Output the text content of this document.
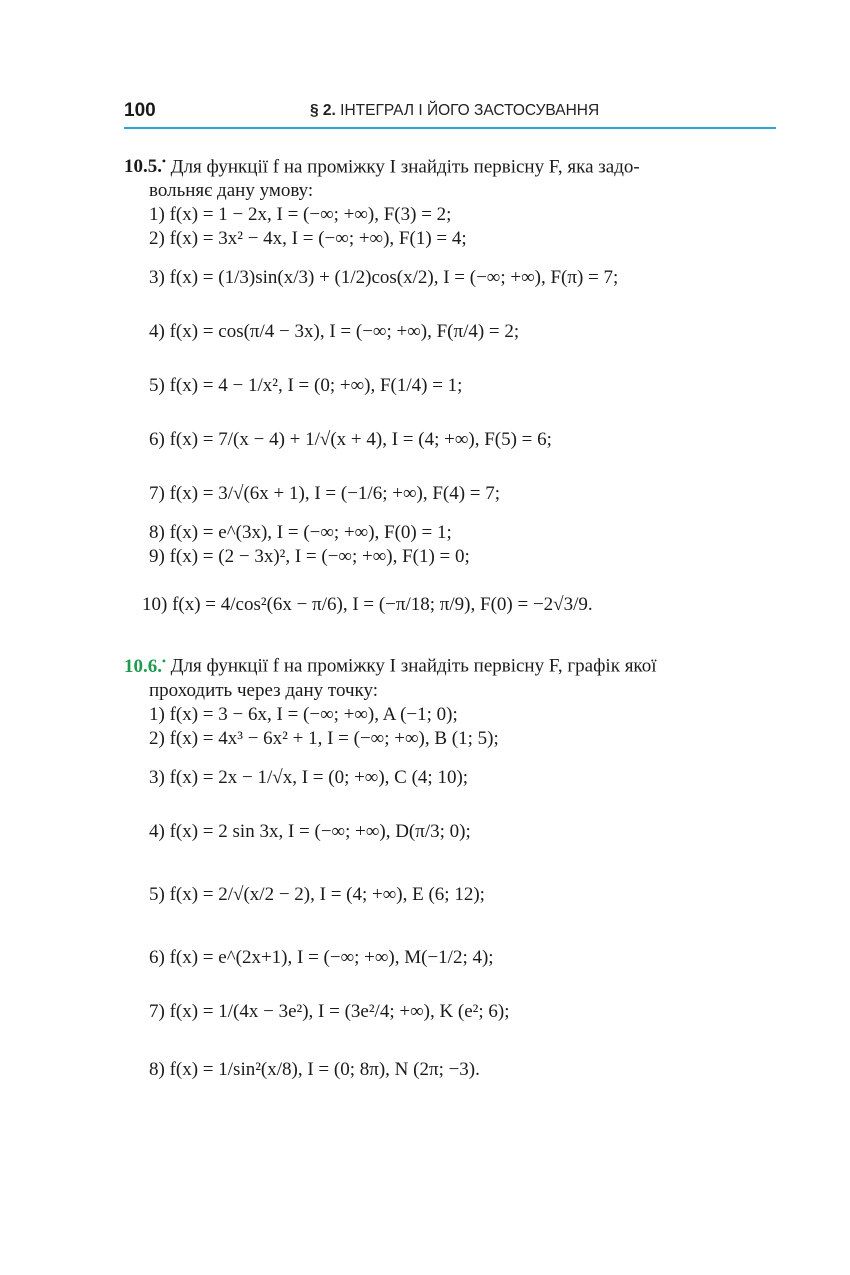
100	§ 2. ІНТЕГРАЛ І ЙОГО ЗАСТОСУВАННЯ
10.5.• Для функції f на проміжку I знайдіть первісну F, яка задо-
вольняє дану умову:
1) f(x) = 1 − 2x, I = (−∞; +∞), F(3) = 2;
2) f(x) = 3x² − 4x, I = (−∞; +∞), F(1) = 4;
3) f(x) = (1/3)sin(x/3) + (1/2)cos(x/2), I = (−∞; +∞), F(π) = 7;
4) f(x) = cos(π/4 − 3x), I = (−∞; +∞), F(π/4) = 2;
5) f(x) = 4 − 1/x², I = (0; +∞), F(1/4) = 1;
6) f(x) = 7/(x − 4) + 1/√(x + 4), I = (4; +∞), F(5) = 6;
7) f(x) = 3/√(6x + 1), I = (−1/6; +∞), F(4) = 7;
8) f(x) = e^(3x), I = (−∞; +∞), F(0) = 1;
9) f(x) = (2 − 3x)², I = (−∞; +∞), F(1) = 0;
10) f(x) = 4/cos²(6x − π/6), I = (−π/18; π/9), F(0) = −2√3/9.
10.6.• Для функції f на проміжку I знайдіть первісну F, графік якої
проходить через дану точку:
1) f(x) = 3 − 6x, I = (−∞; +∞), A (−1; 0);
2) f(x) = 4x³ − 6x² + 1, I = (−∞; +∞), B (1; 5);
3) f(x) = 2x − 1/√x, I = (0; +∞), C (4; 10);
4) f(x) = 2 sin 3x, I = (−∞; +∞), D(π/3; 0);
5) f(x) = 2/√(x/2 − 2), I = (4; +∞), E (6; 12);
6) f(x) = e^(2x+1), I = (−∞; +∞), M(−1/2; 4);
7) f(x) = 1/(4x − 3e²), I = (3e²/4; +∞), K (e²; 6);
8) f(x) = 1/sin²(x/8), I = (0; 8π), N (2π; −3).
